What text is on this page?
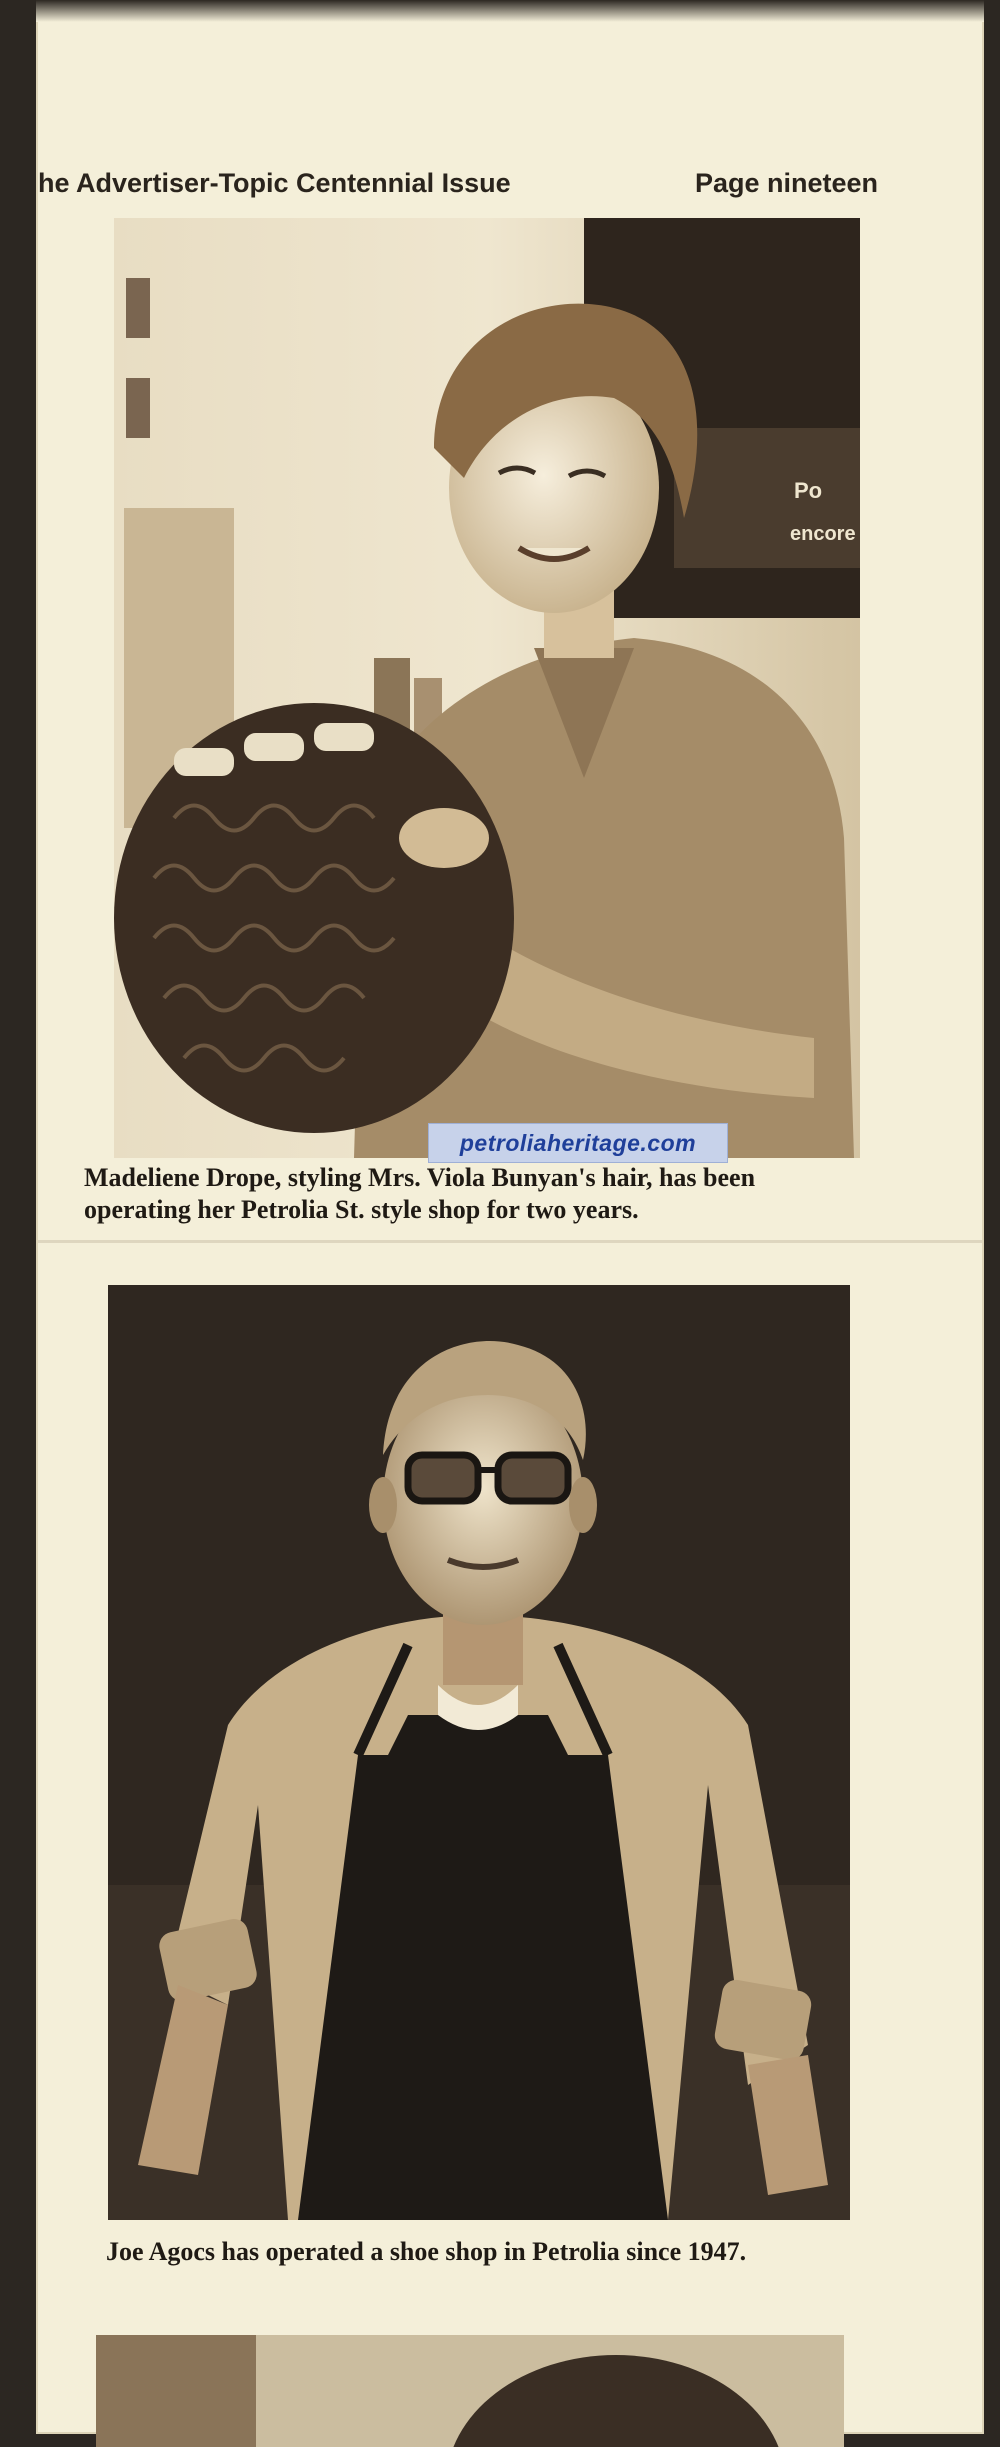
he Advertiser-Topic Centennial Issue	Page nineteen
Po
encore
petroliaheritage.com
Madeliene Drope, styling Mrs. Viola Bunyan's hair, has been operating her Petrolia St. style shop for two years.
Joe Agocs has operated a shoe shop in Petrolia since 1947.
